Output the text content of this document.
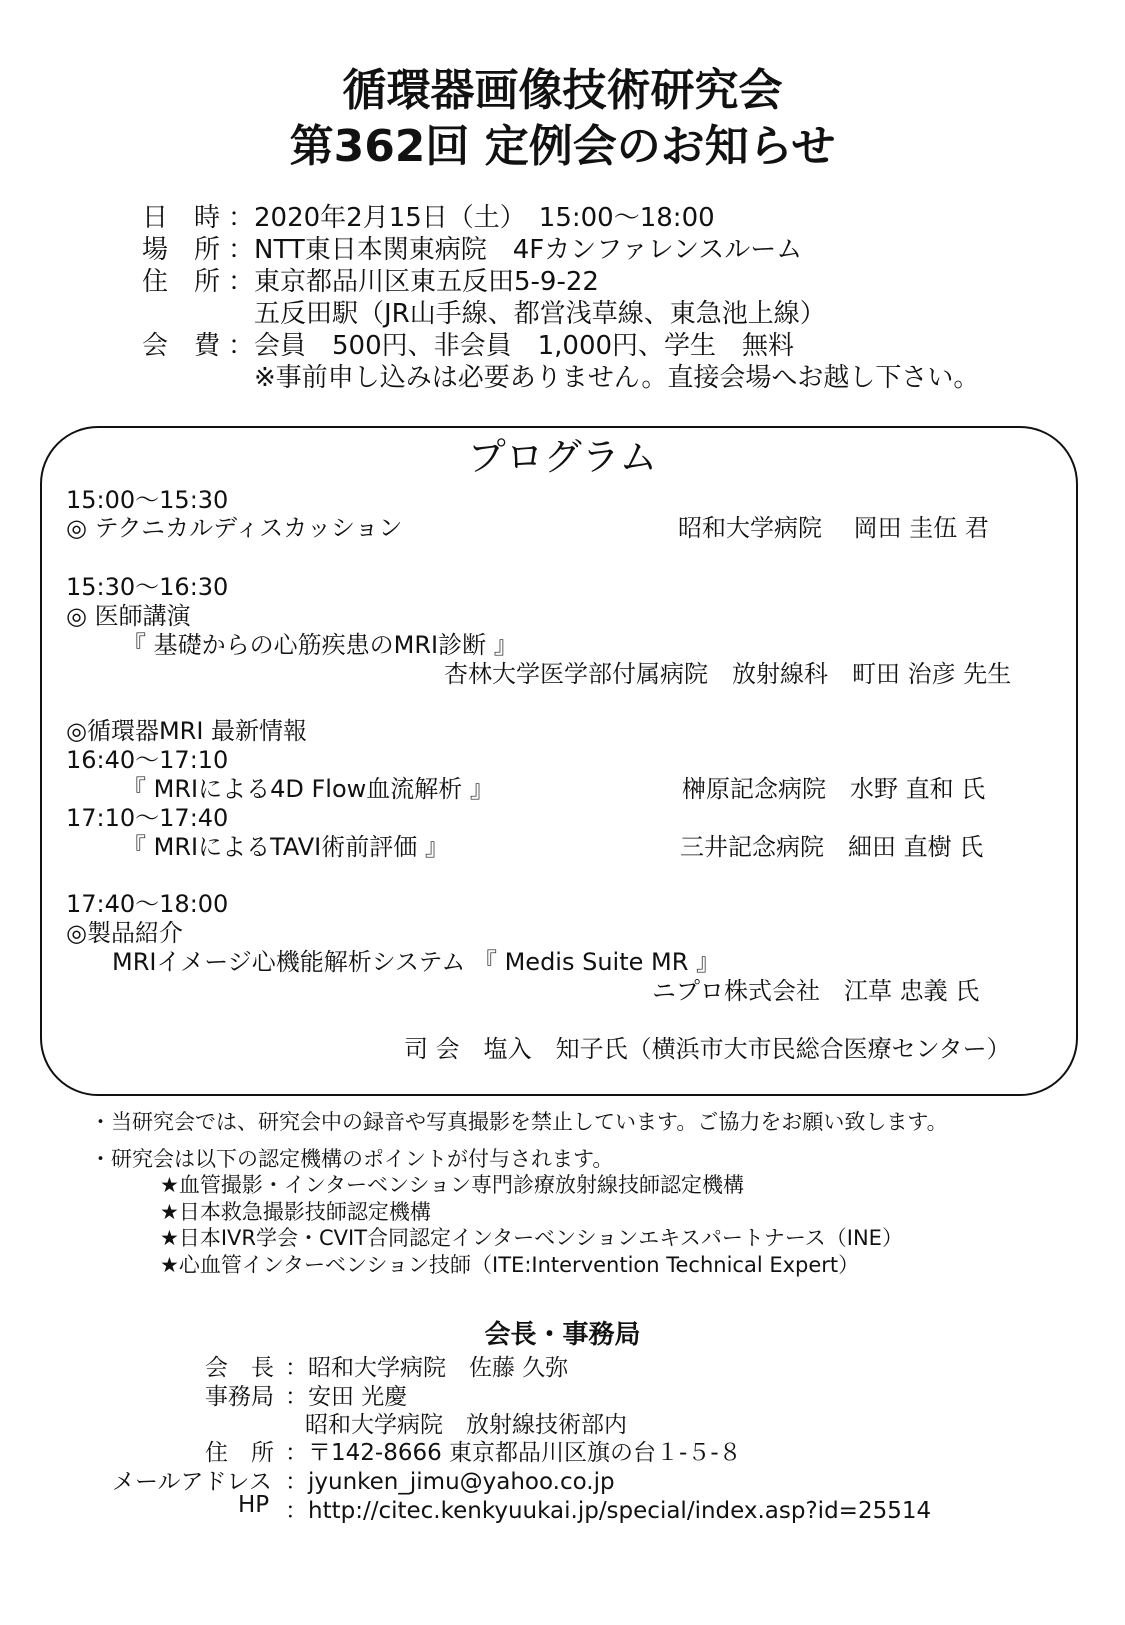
循環器画像技術研究会
第362回 定例会のお知らせ
日　時 ：2020年2月15日（土）　15:00～18:00
場　所 ：NTT東日本関東病院　4Fカンファレンスルーム
住　所 ：東京都品川区東五反田5-9-22
五反田駅（JR山手線、都営浅草線、東急池上線）
会　費 ：会員　500円、非会員　1,000円、学生　無料
※事前申し込みは必要ありません。直接会場へお越し下さい。
プログラム
15:00～15:30
◎ テクニカルディスカッション	昭和大学病院　 岡田 圭伍 君
15:30～16:30
◎ 医師講演
『 基礎からの心筋疾患のMRI診断 』
杏林大学医学部付属病院　放射線科　町田 治彦 先生
◎循環器MRI 最新情報
16:40～17:10
『 MRIによる4D Flow血流解析 』	榊原記念病院　水野 直和 氏
17:10～17:40
『 MRIによるTAVI術前評価 』	三井記念病院　細田 直樹 氏
17:40～18:00
◎製品紹介
MRIイメージ心機能解析システム 『 Medis Suite MR 』
ニプロ株式会社　江草 忠義 氏
司 会　塩入　知子氏（横浜市大市民総合医療センター）
・当研究会では、研究会中の録音や写真撮影を禁止しています。ご協力をお願い致します。
・研究会は以下の認定機構のポイントが付与されます。
★血管撮影・インターベンション専門診療放射線技師認定機構
★日本救急撮影技師認定機構
★日本IVR学会・CVIT合同認定インターベンションエキスパートナース（INE）
★心血管インターベンション技師（ITE:Intervention Technical Expert）
会長・事務局
会　長 ：昭和大学病院　佐藤 久弥
事務局 ：安田 光慶
昭和大学病院　放射線技術部内
住　所 ：〒142-8666 東京都品川区旗の台１-５-８
メールアドレス ：jyunken_jimu@yahoo.co.jp
HP ：http://citec.kenkyuukai.jp/special/index.asp?id=25514
